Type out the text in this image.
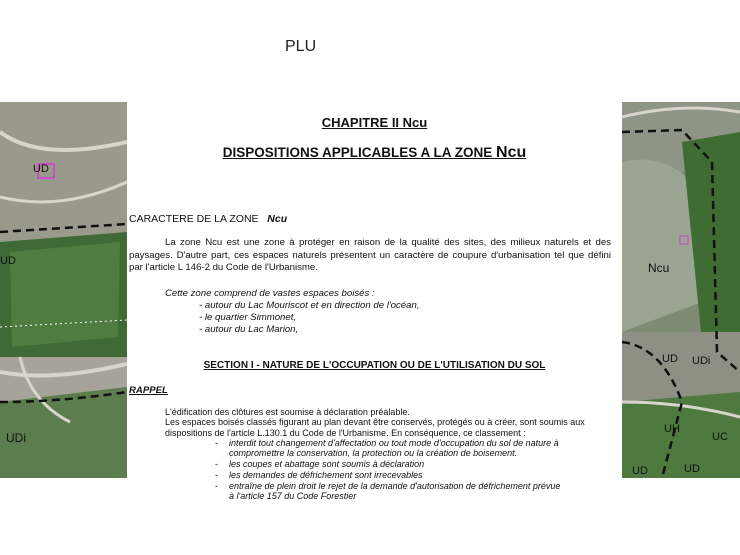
PLU
UD
UD
UDi
Ncu
UD UDi
UH
UC
UD	UD
CHAPITRE II Ncu
DISPOSITIONS APPLICABLES A LA ZONE Ncu
CARACTERE DE LA ZONE Ncu
La zone Ncu est une zone à protéger en raison de la qualité des sites, des milieux naturels et des paysages. D'autre part, ces espaces naturels présentent un caractère de coupure d'urbanisation tel que défini par l'article L 146-2 du Code de l'Urbanisme.
Cette zone comprend de vastes espaces boisés :
- autour du Lac Mouriscot et en direction de l'océan,
- le quartier Simmonet,
- autour du Lac Marion,
SECTION I - NATURE DE L'OCCUPATION OU DE L'UTILISATION DU SOL
RAPPEL
L'édification des clôtures est soumise à déclaration préalable.
Les espaces boisés classés figurant au plan devant être conservés, protégés ou à créer, sont soumis aux dispositions de l'article L.130.1 du Code de l'Urbanisme. En conséquence, ce classement :
- interdit tout changement d'affectation ou tout mode d'occupation du sol de nature à
compromettre la conservation, la protection ou la création de boisement.
- les coupes et abattage sont soumis à déclaration
- les demandes de défrichement sont irrecevables
- entraîne de plein droit le rejet de la demande d'autorisation de défrichement prévue
à l'article 157 du Code Forestier
